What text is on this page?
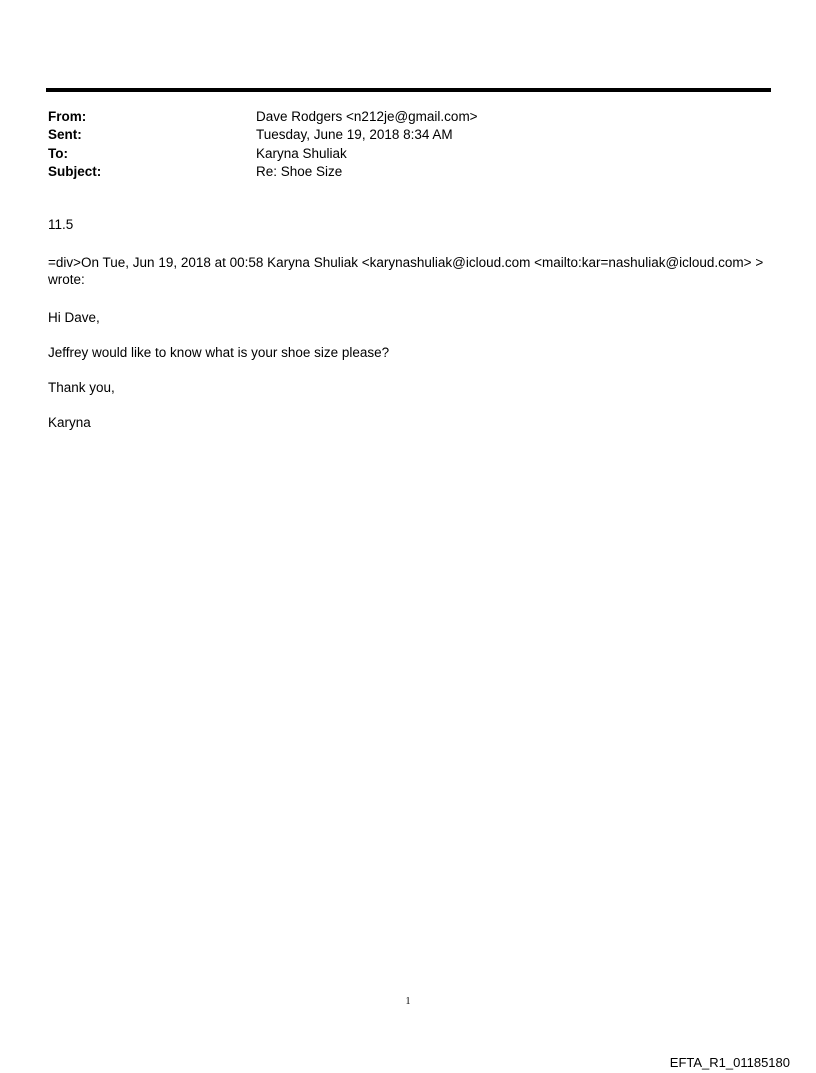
From:	Dave Rodgers <n212je@gmail.com>
Sent:	Tuesday, June 19, 2018 8:34 AM
To:	Karyna Shuliak
Subject:	Re: Shoe Size
11.5
=div>On Tue, Jun 19, 2018 at 00:58 Karyna Shuliak <karynashuliak@icloud.com <mailto:kar=nashuliak@icloud.com> >
wrote:
Hi Dave,
Jeffrey would like to know what is your shoe size please?
Thank you,
Karyna
1
EFTA_R1_01185180
